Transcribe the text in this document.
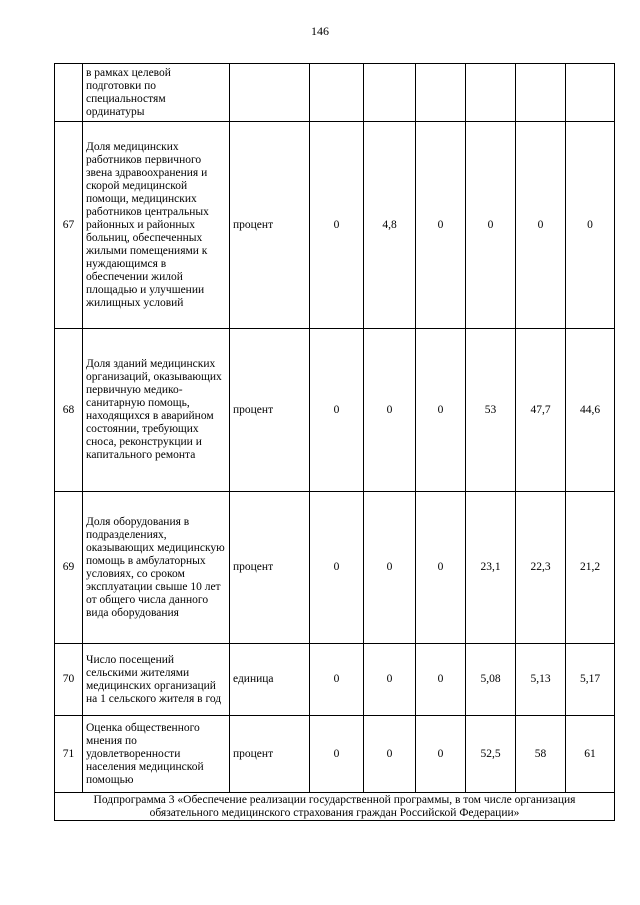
146
	в рамках целевой подготовки по специальностям ординатуры							
67	Доля медицинских работников первичного звена здравоохранения и скорой медицинской помощи, медицинских работников центральных районных и районных больниц, обеспеченных жилыми помещениями к нуждающимся в обеспечении жилой площадью и улучшении жилищных условий	процент	0	4,8	0	0	0	0
68	Доля зданий медицинских организаций, оказывающих первичную медико-санитарную помощь, находящихся в аварийном состоянии, требующих сноса, реконструкции и капитального ремонта	процент	0	0	0	53	47,7	44,6
69	Доля оборудования в подразделениях, оказывающих медицинскую помощь в амбулаторных условиях, со сроком эксплуатации свыше 10 лет от общего числа данного вида оборудования	процент	0	0	0	23,1	22,3	21,2
70	Число посещений сельскими жителями медицинских организаций на 1 сельского жителя в год	единица	0	0	0	5,08	5,13	5,17
71	Оценка общественного мнения по удовлетворенности населения медицинской помощью	процент	0	0	0	52,5	58	61
Подпрограмма 3 «Обеспечение реализации государственной программы, в том числе организация обязательного медицинского страхования граждан Российской Федерации»								
